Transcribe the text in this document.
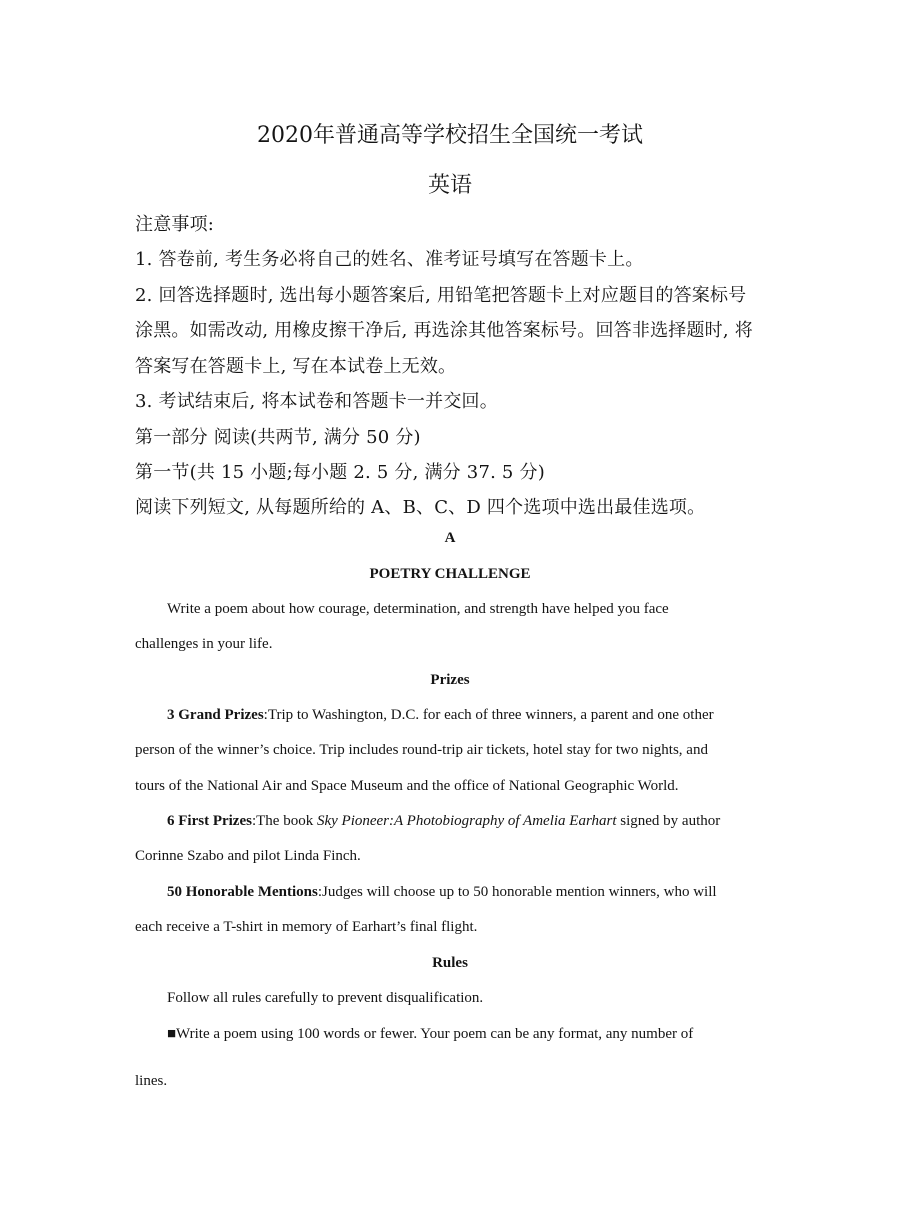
2020年普通高等学校招生全国统一考试
英语
注意事项:
1. 答卷前, 考生务必将自己的姓名、准考证号填写在答题卡上。
2. 回答选择题时, 选出每小题答案后, 用铅笔把答题卡上对应题目的答案标号
涂黑。如需改动, 用橡皮擦干净后, 再选涂其他答案标号。回答非选择题时, 将
答案写在答题卡上, 写在本试卷上无效。
3. 考试结束后, 将本试卷和答题卡一并交回。
第一部分 阅读(共两节, 满分 50 分)
第一节(共 15 小题;每小题 2. 5 分, 满分 37. 5 分)
阅读下列短文, 从每题所给的 A、B、C、D 四个选项中选出最佳选项。
A
POETRY CHALLENGE
Write a poem about how courage, determination, and strength have helped you face
challenges in your life.
Prizes
3 Grand Prizes:Trip to Washington, D.C. for each of three winners, a parent and one other
person of the winner’s choice. Trip includes round-trip air tickets, hotel stay for two nights, and
tours of the National Air and Space Museum and the office of National Geographic World.
6 First Prizes:The book Sky Pioneer:A Photobiography of Amelia Earhart signed by author
Corinne Szabo and pilot Linda Finch.
50 Honorable Mentions:Judges will choose up to 50 honorable mention winners, who will
each receive a T-shirt in memory of Earhart’s final flight.
Rules
Follow all rules carefully to prevent disqualification.
■Write a poem using 100 words or fewer. Your poem can be any format, any number of
lines.
